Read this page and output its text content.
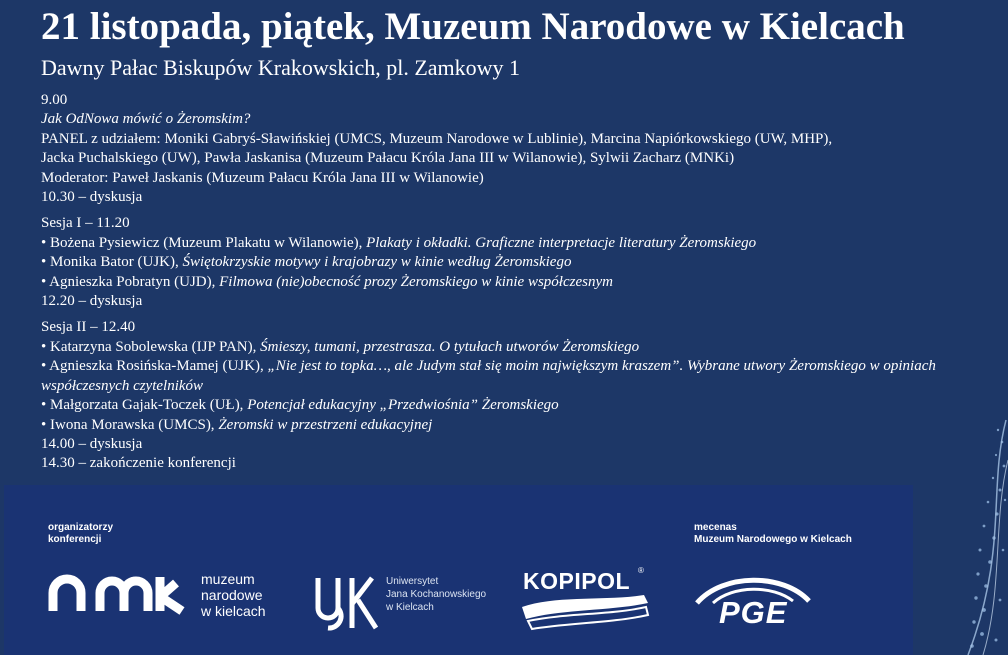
21 listopada, piątek, Muzeum Narodowe w Kielcach
Dawny Pałac Biskupów Krakowskich, pl. Zamkowy 1

9.00

Jak OdNowa mówić o Żeromskim?

PANEL z udziałem: Moniki Gabryś-Sławińskiej (UMCS, Muzeum Narodowe w Lublinie), Marcina Napiórkowskiego (UW, MHP),

Jacka Puchalskiego (UW), Pawła Jaskanisa (Muzeum Pałacu Króla Jana III w Wilanowie), Sylwii Zacharz (MNKi)

Moderator: Paweł Jaskanis (Muzeum Pałacu Króla Jana III w Wilanowie)

10.30 – dyskusja

Sesja I – 11.20

• Bożena Pysiewicz (Muzeum Plakatu w Wilanowie), Plakaty i okładki. Graficzne interpretacje literatury Żeromskiego

• Monika Bator (UJK), Świętokrzyskie motywy i krajobrazy w kinie według Żeromskiego

• Agnieszka Pobratyn (UJD), Filmowa (nie)obecność prozy Żeromskiego w kinie współczesnym

12.20 – dyskusja

Sesja II – 12.40

• Katarzyna Sobolewska (IJP PAN), Śmieszy, tumani, przestrasza. O tytułach utworów Żeromskiego

• Agnieszka Rosińska-Mamej (UJK), „Nie jest to topka…, ale Judym stał się moim największym kraszem”. Wybrane utwory Żeromskiego w opiniach współczesnych czytelników

• Małgorzata Gajak-Toczek (UŁ), Potencjał edukacyjny „Przedwiośnia” Żeromskiego

• Iwona Morawska (UMCS), Żeromski w przestrzeni edukacyjnej

14.00 – dyskusja

14.30 – zakończenie konferencji

organizatorzy
konferencji
mecenas
Muzeum Narodowego w Kielcach
muzeum
narodowe
w kielcach
Uniwersytet
Jana Kochanowskiego
w Kielcach
KOPIPOL ®
PGE
